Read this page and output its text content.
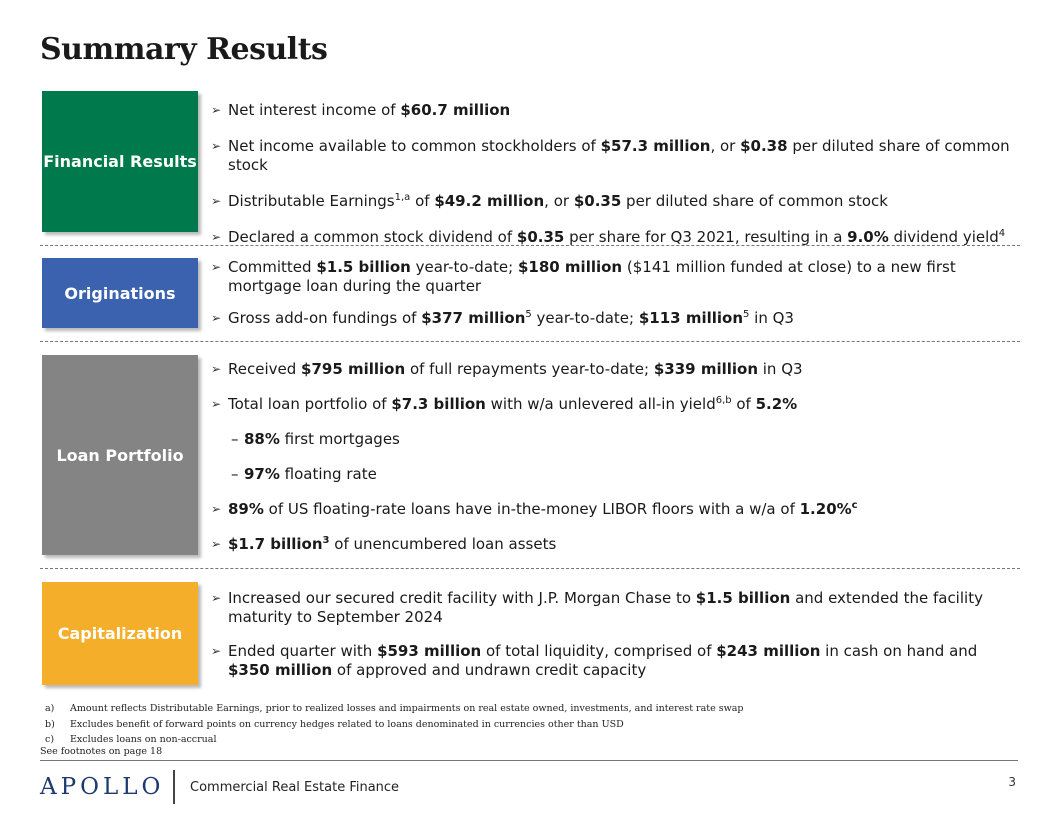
Summary Results
Financial Results
➢ Net interest income of $60.7 million
➢ Net income available to common stockholders of $57.3 million, or $0.38 per diluted share of common stock
➢ Distributable Earnings$^{1,a}$ of $49.2 million, or $0.35 per diluted share of common stock
➢ Declared a common stock dividend of $0.35 per share for Q3 2021, resulting in a 9.0% dividend yield$^4$
Originations
➢ Committed $1.5 billion year-to-date; $180 million ($141 million funded at close) to a new first mortgage loan during the quarter
➢ Gross add-on fundings of $377 million$^5$ year-to-date; $113 million$^5$ in Q3
Loan Portfolio
➢ Received $795 million of full repayments year-to-date; $339 million in Q3
➢ Total loan portfolio of $7.3 billion with w/a unlevered all-in yield$^{6,b}$ of 5.2%
– 88% first mortgages
– 97% floating rate
➢ 89% of US floating-rate loans have in-the-money LIBOR floors with a w/a of 1.20%$^c$
➢ $1.7 billion$^3$ of unencumbered loan assets
Capitalization
➢ Increased our secured credit facility with J.P. Morgan Chase to $1.5 billion and extended the facility maturity to September 2024
➢ Ended quarter with $593 million of total liquidity, comprised of $243 million in cash on hand and $350 million of approved and undrawn credit capacity
a) Amount reflects Distributable Earnings, prior to realized losses and impairments on real estate owned, investments, and interest rate swap
b) Excludes benefit of forward points on currency hedges related to loans denominated in currencies other than USD
c) Excludes loans on non-accrual
See footnotes on page 18
APOLLO Commercial Real Estate Finance	3
